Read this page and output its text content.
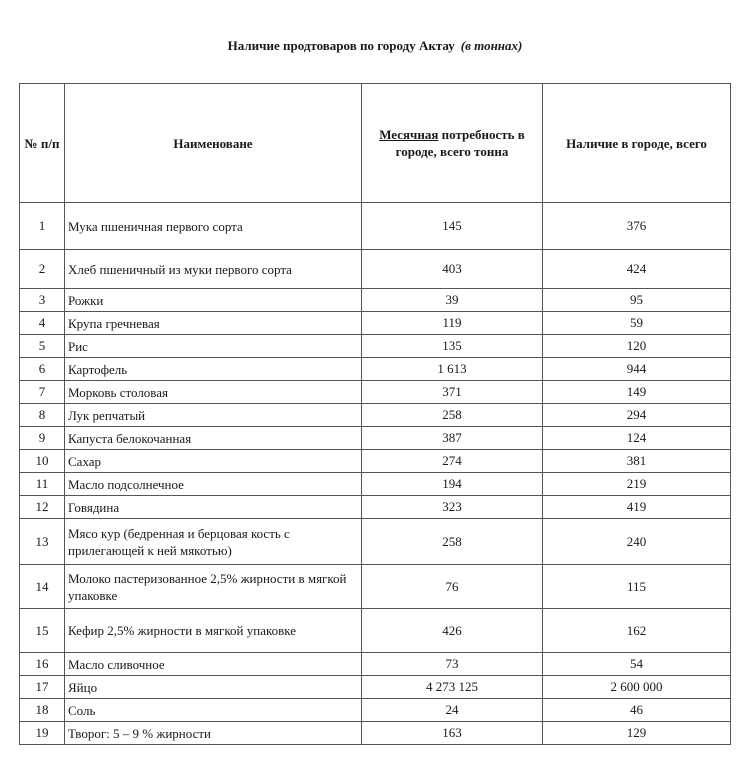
Наличие продтоваров по городу Актау (в тоннах)
№ п/п	Наименоване	Месячная потребность в городе, всего тонна	Наличие в городе, всего
1	Мука пшеничная первого сорта	145	376
2	Хлеб пшеничный из муки первого сорта	403	424
3	Рожки	39	95
4	Крупа гречневая	119	59
5	Рис	135	120
6	Картофель	1 613	944
7	Морковь столовая	371	149
8	Лук репчатый	258	294
9	Капуста белокочанная	387	124
10	Сахар	274	381
11	Масло подсолнечное	194	219
12	Говядина	323	419
13	Мясо кур (бедренная и берцовая кость с прилегающей к ней мякотью)	258	240
14	Молоко пастеризованное 2,5% жирности в мягкой упаковке	76	115
15	Кефир 2,5% жирности в мягкой упаковке	426	162
16	Масло сливочное	73	54
17	Яйцо	4 273 125	2 600 000
18	Соль	24	46
19	Творог: 5 – 9 % жирности	163	129
